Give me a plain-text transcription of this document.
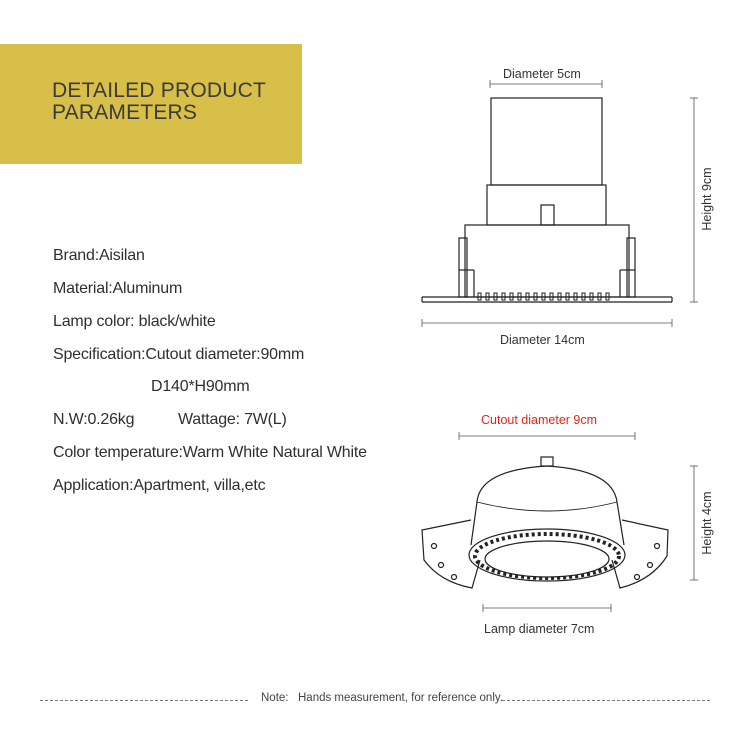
DETAILED PRODUCT
PARAMETERS
Brand:Aisilan
Material:Aluminum
Lamp color: black/white
Specification:Cutout diameter:90mm
D140*H90mm
N.W:0.26kg	Wattage: 7W(L)
Color temperature:Warm White Natural White
Application:Apartment, villa,etc
Diameter 5cm
Height 9cm
Diameter 14cm
Cutout diameter 9cm
Height 4cm
Lamp diameter 7cm
Note: Hands measurement, for reference only.
